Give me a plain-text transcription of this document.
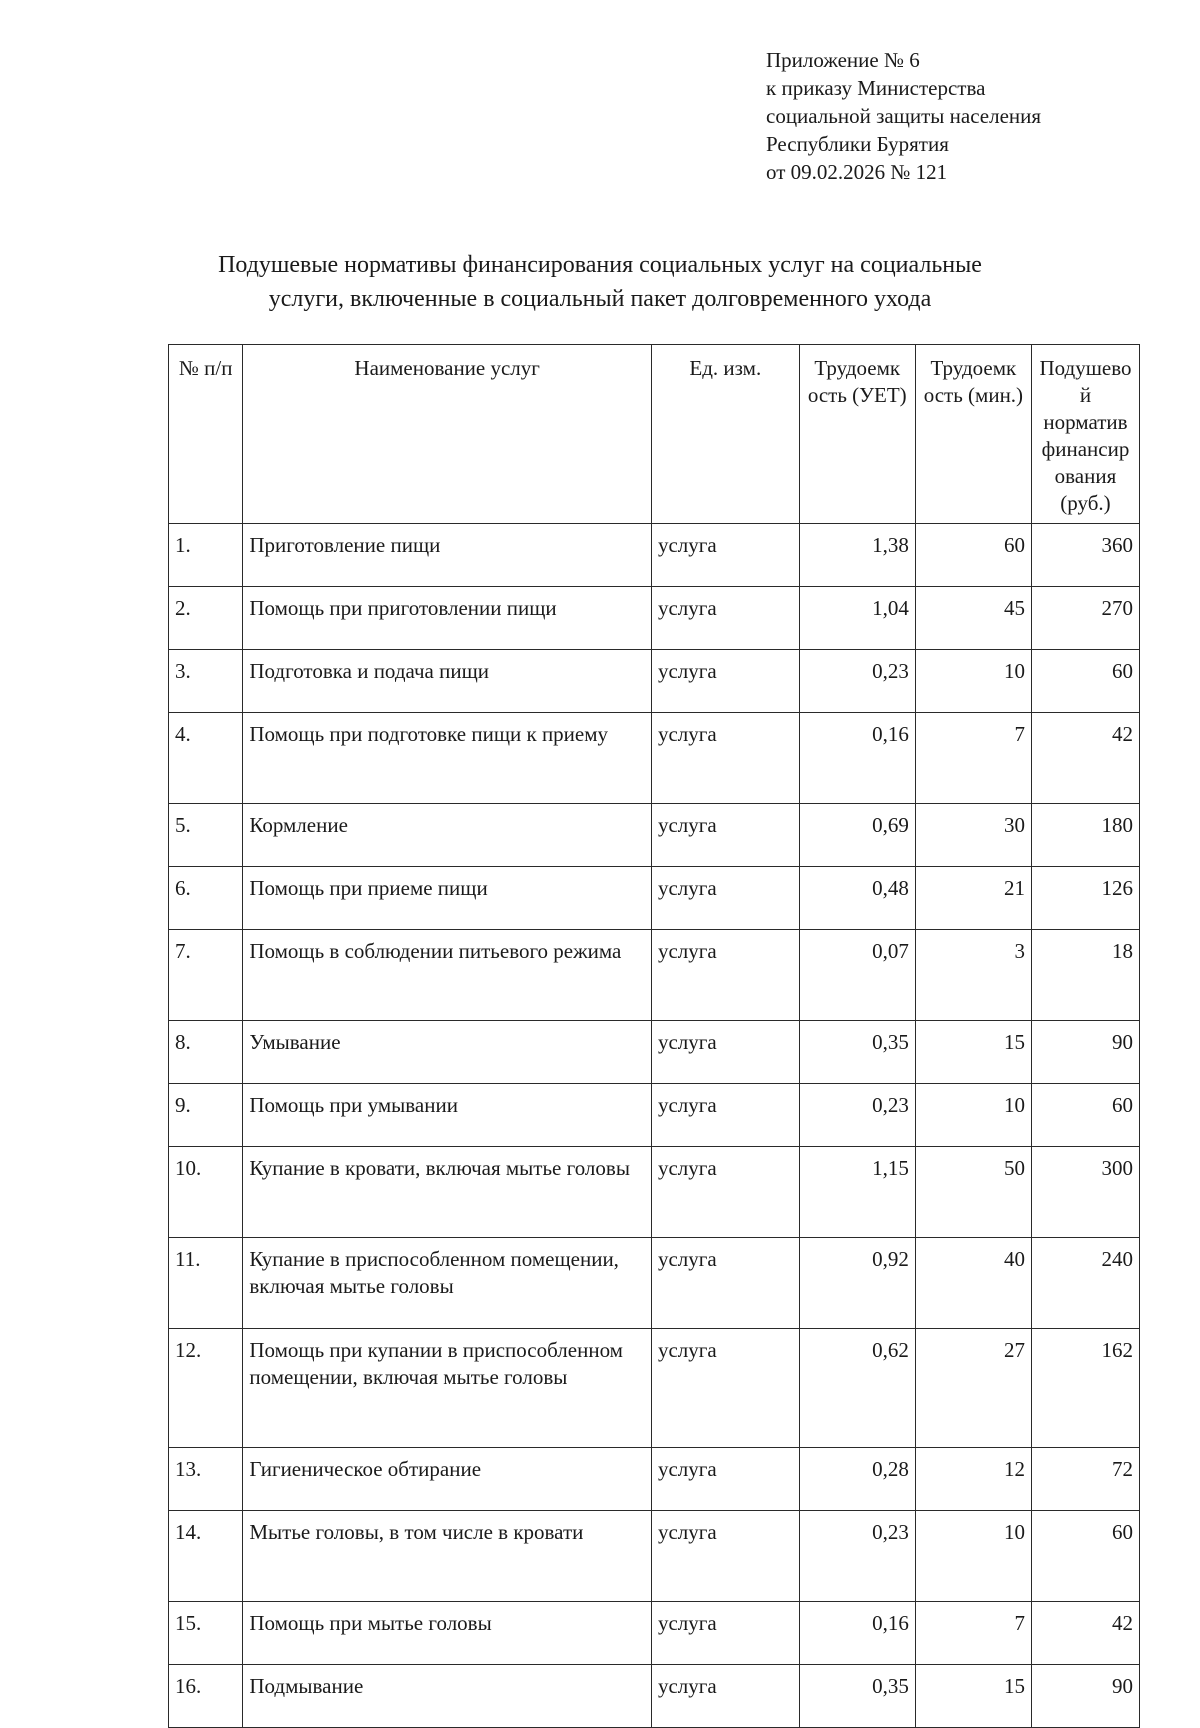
Приложение № 6
к приказу Министерства
социальной защиты населения
Республики Бурятия
от 09.02.2026 № 121
Подушевые нормативы финансирования социальных услуг на социальные
услуги, включенные в социальный пакет долговременного ухода
№ п/п	Наименование услуг	Ед. изм.	Трудоемк ость (УЕТ)	Трудоемк ость (мин.)	Подушево й норматив финансир ования (руб.)
1.	Приготовление пищи	услуга	1,38	60	360
2.	Помощь при приготовлении пищи	услуга	1,04	45	270
3.	Подготовка и подача пищи	услуга	0,23	10	60
4.	Помощь при подготовке пищи к приему	услуга	0,16	7	42
5.	Кормление	услуга	0,69	30	180
6.	Помощь при приеме пищи	услуга	0,48	21	126
7.	Помощь в соблюдении питьевого режима	услуга	0,07	3	18
8.	Умывание	услуга	0,35	15	90
9.	Помощь при умывании	услуга	0,23	10	60
10.	Купание в кровати, включая мытье головы	услуга	1,15	50	300
11.	Купание в приспособленном помещении, включая мытье головы	услуга	0,92	40	240
12.	Помощь при купании в приспособленном помещении, включая мытье головы	услуга	0,62	27	162
13.	Гигиеническое обтирание	услуга	0,28	12	72
14.	Мытье головы, в том числе в кровати	услуга	0,23	10	60
15.	Помощь при мытье головы	услуга	0,16	7	42
16.	Подмывание	услуга	0,35	15	90
